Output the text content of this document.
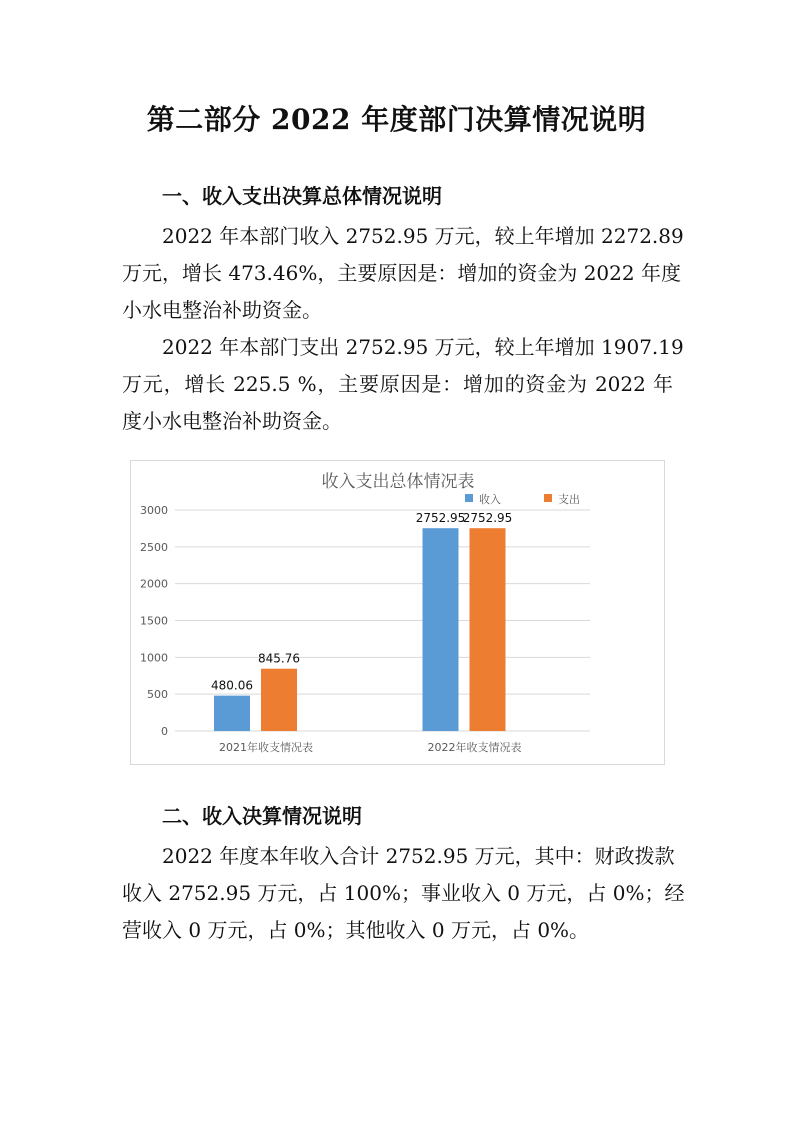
第二部分 2022 年度部门决算情况说明
一、收入支出决算总体情况说明
2022 年本部门收入 2752.95 万元，较上年增加 2272.89
万元，增长 473.46%，主要原因是：增加的资金为 2022 年度
小水电整治补助资金。
2022 年本部门支出 2752.95 万元，较上年增加 1907.19
万元，增长 225.5 %，主要原因是：增加的资金为 2022 年
度小水电整治补助资金。
收入支出总体情况表
收入	支出
0
500
1000
1500
2000
2500
3000
480.06
845.76
2021年收支情况表
2752.95
2752.95
2022年收支情况表
二、收入决算情况说明
2022 年度本年收入合计 2752.95 万元，其中：财政拨款
收入 2752.95 万元，占 100%；事业收入 0 万元，占 0%；经
营收入 0 万元，占 0%；其他收入 0 万元，占 0%。
